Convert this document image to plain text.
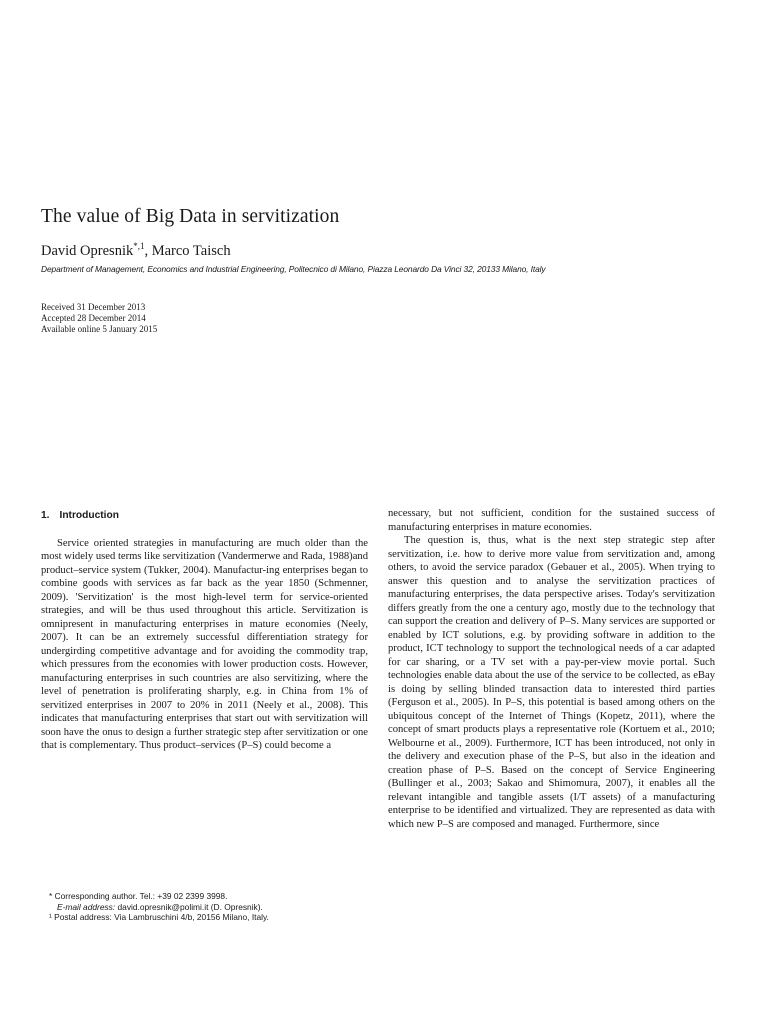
The value of Big Data in servitization
David Opresnik$^{*,1}$, Marco Taisch
Department of Management, Economics and Industrial Engineering, Politecnico di Milano, Piazza Leonardo Da Vinci 32, 20133 Milano, Italy
Received 31 December 2013
Accepted 28 December 2014
Available online 5 January 2015
1. Introduction

Service oriented strategies in manufacturing are much older than the most widely used terms like servitization (Vandermerwe and Rada, 1988)and product–service system (Tukker, 2004). Manufactur-ing enterprises began to combine goods with services as far back as the year 1850 (Schmenner, 2009). 'Servitization' is the most high-level term for service-oriented strategies, and will be thus used throughout this article. Servitization is omnipresent in manufacturing enterprises in mature economies (Neely, 2007). It can be an extremely successful differentiation strategy for undergirding competitive advantage and for avoiding the commodity trap, which pressures from the economies with lower production costs. However, manufacturing enterprises in such countries are also servitizing, where the level of penetration is proliferating sharply, e.g. in China from 1% of servitized enterprises in 2007 to 20% in 2011 (Neely et al., 2008). This indicates that manufacturing enterprises that start out with servitization will soon have the onus to design a further strategic step after servitization or one that is complementary. Thus product–services (P–S) could become a

necessary, but not sufficient, condition for the sustained success of manufacturing enterprises in mature economies.

The question is, thus, what is the next step strategic step after servitization, i.e. how to derive more value from servitization and, among others, to avoid the service paradox (Gebauer et al., 2005). When trying to answer this question and to analyse the servitization practices of manufacturing enterprises, the data perspective arises. Today's servitization differs greatly from the one a century ago, mostly due to the technology that can support the creation and delivery of P–S. Many services are supported or enabled by ICT solutions, e.g. by providing software in addition to the product, ICT technology to support the technological needs of a car adapted for car sharing, or a TV set with a pay-per-view movie portal. Such technologies enable data about the use of the service to be collected, as eBay is doing by selling blinded transaction data to interested third parties (Ferguson et al., 2005). In P–S, this potential is based among others on the ubiquitous concept of the Internet of Things (Kopetz, 2011), where the concept of smart products plays a representative role (Kortuem et al., 2010; Welbourne et al., 2009). Furthermore, ICT has been introduced, not only in the delivery and execution phase of the P–S, but also in the ideation and creation phase of P–S. Based on the concept of Service Engineering (Bullinger et al., 2003; Sakao and Shimomura, 2007), it enables all the relevant intangible and tangible assets (I/T assets) of a manufacturing enterprise to be identified and virtualized. They are represented as data with which new P–S are composed and managed. Furthermore, since

* Corresponding author. Tel.: +39 02 2399 3998.
E-mail address: david.opresnik@polimi.it (D. Opresnik).
¹ Postal address: Via Lambruschini 4/b, 20156 Milano, Italy.
